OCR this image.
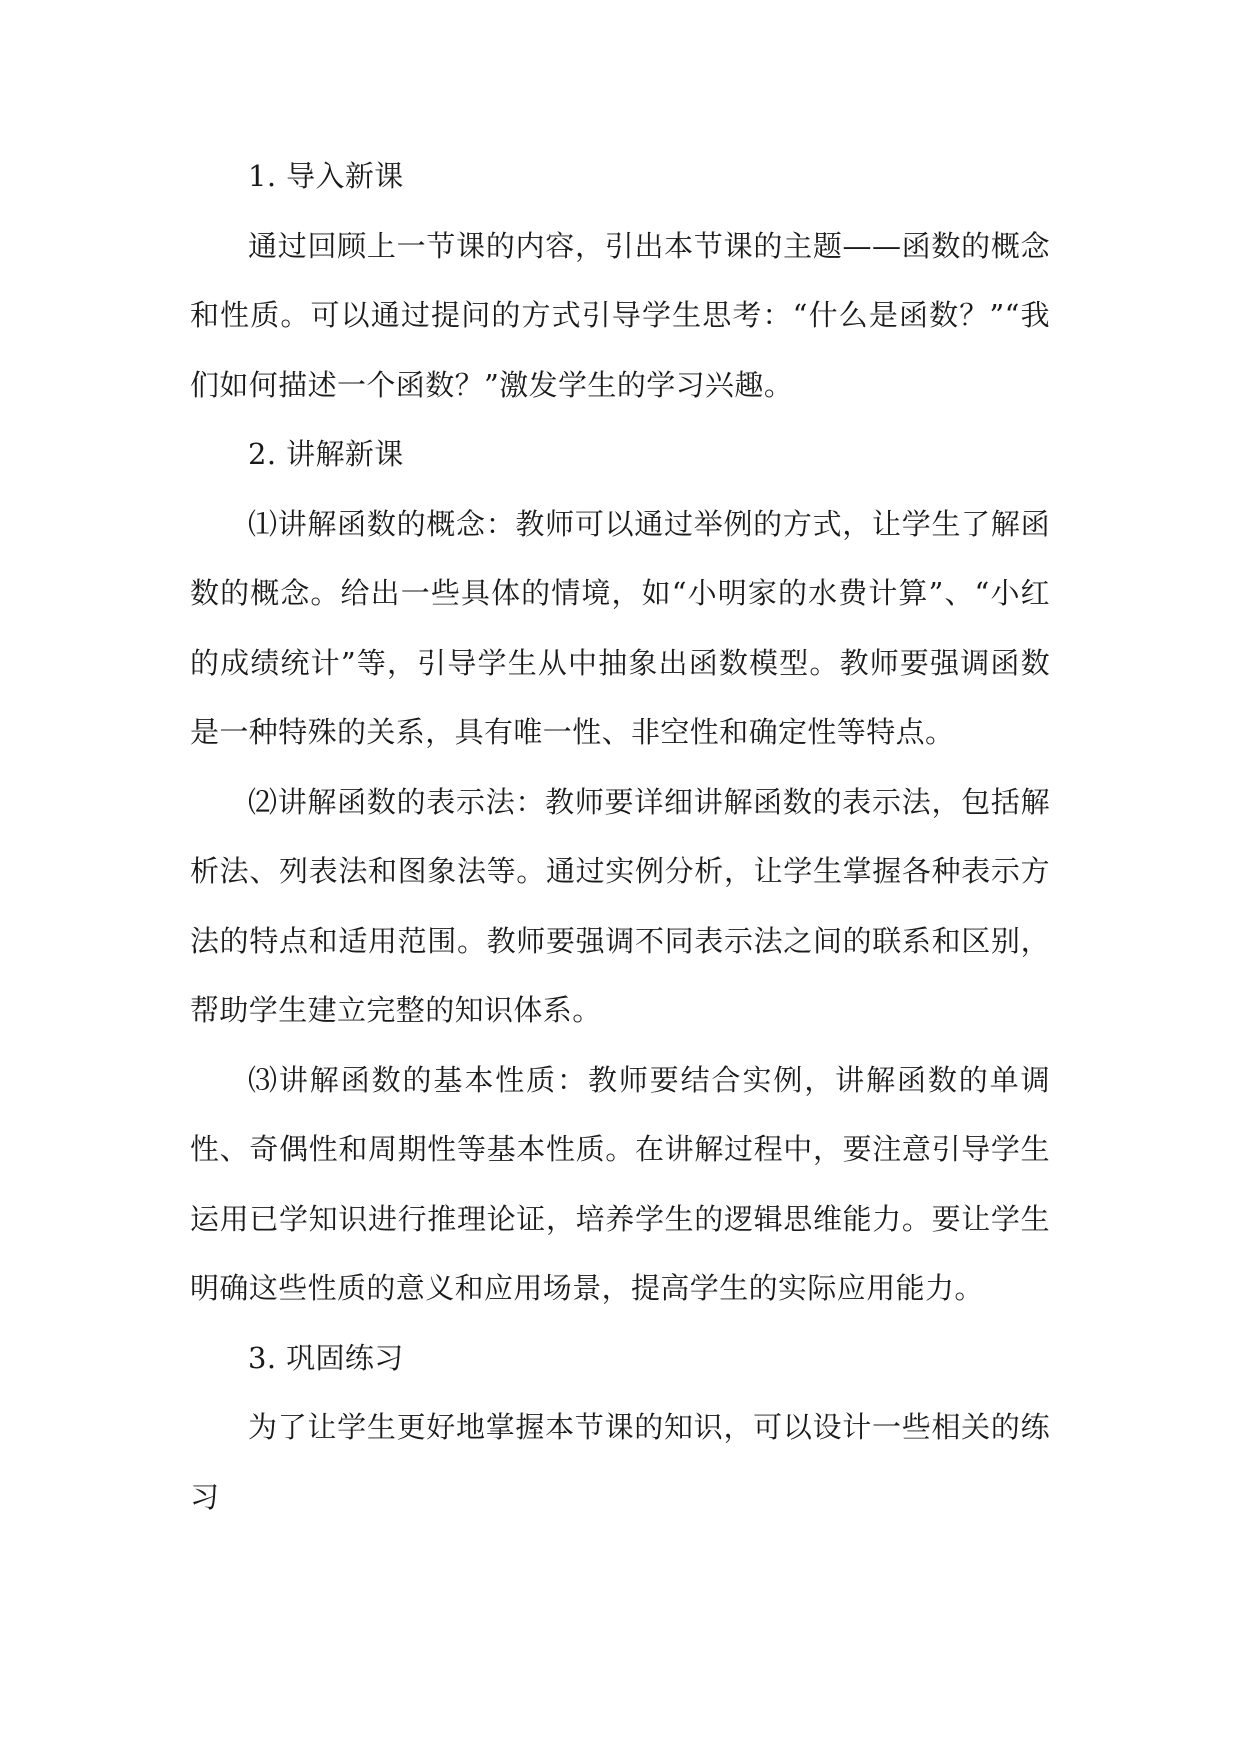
1. 导入新课

通过回顾上一节课的内容，引出本节课的主题——函数的概念和性质。可以通过提问的方式引导学生思考：“什么是函数？”“我们如何描述一个函数？”激发学生的学习兴趣。

2. 讲解新课

⑴讲解函数的概念：教师可以通过举例的方式，让学生了解函数的概念。给出一些具体的情境，如“小明家的水费计算”、“小红的成绩统计”等，引导学生从中抽象出函数模型。教师要强调函数是一种特殊的关系，具有唯一性、非空性和确定性等特点。

⑵讲解函数的表示法：教师要详细讲解函数的表示法，包括解析法、列表法和图象法等。通过实例分析，让学生掌握各种表示方法的特点和适用范围。教师要强调不同表示法之间的联系和区别，帮助学生建立完整的知识体系。

⑶讲解函数的基本性质：教师要结合实例，讲解函数的单调性、奇偶性和周期性等基本性质。在讲解过程中，要注意引导学生运用已学知识进行推理论证，培养学生的逻辑思维能力。要让学生明确这些性质的意义和应用场景，提高学生的实际应用能力。

3. 巩固练习

为了让学生更好地掌握本节课的知识，可以设计一些相关的练习
